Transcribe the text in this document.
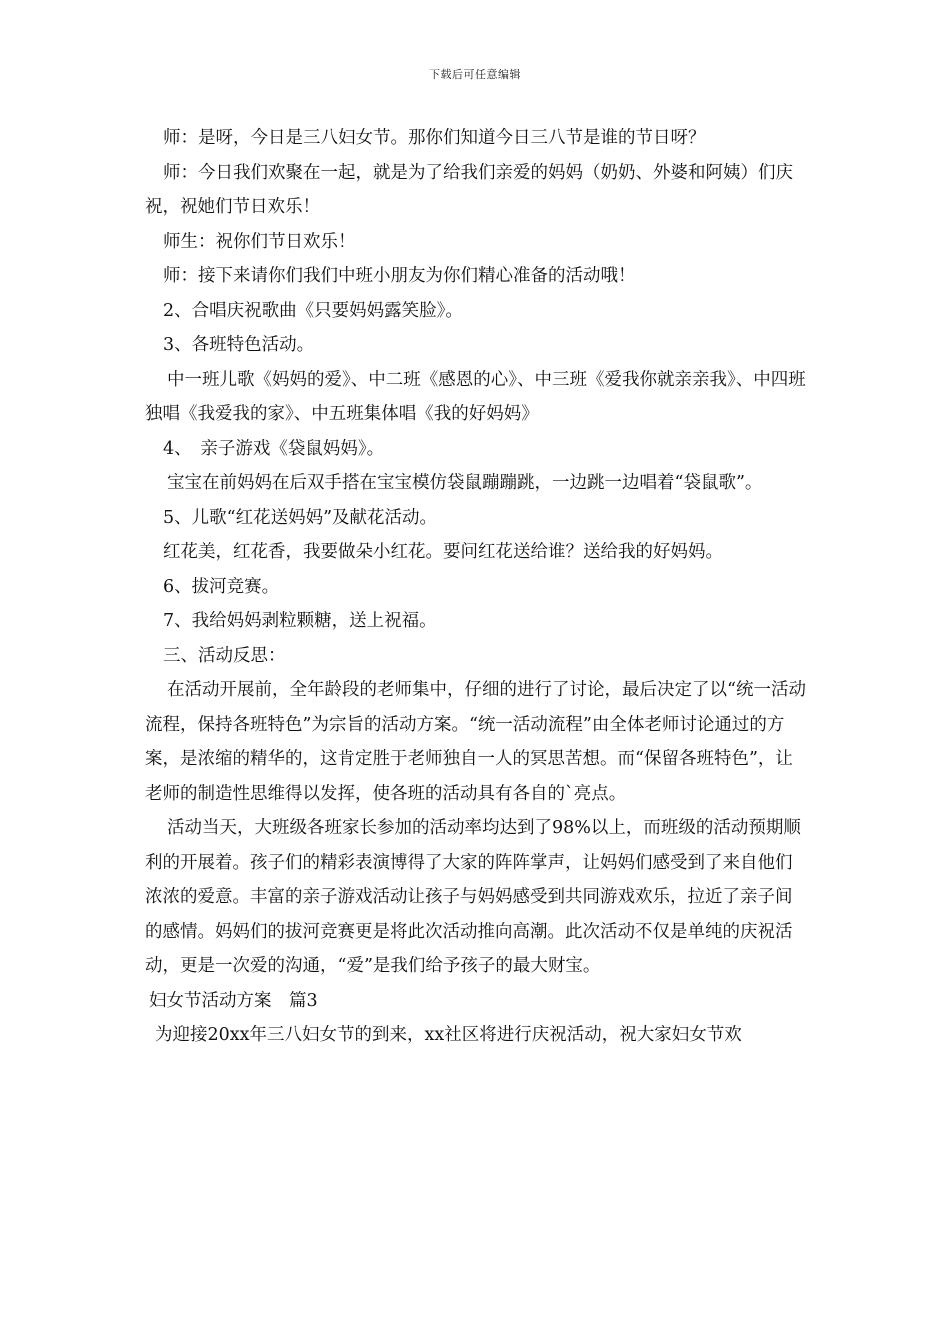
下载后可任意编辑

师：是呀，今日是三八妇女节。那你们知道今日三八节是谁的节日呀？

师：今日我们欢聚在一起，就是为了给我们亲爱的妈妈（奶奶、外婆和阿姨）们庆祝，祝她们节日欢乐！

师生：祝你们节日欢乐！

师：接下来请你们我们中班小朋友为你们精心准备的活动哦！

2、合唱庆祝歌曲《只要妈妈露笑脸》。

3、各班特色活动。

中一班儿歌《妈妈的爱》、中二班《感恩的心》、中三班《爱我你就亲亲我》、中四班独唱《我爱我的家》、中五班集体唱《我的好妈妈》

4、　亲子游戏《袋鼠妈妈》。

宝宝在前妈妈在后双手搭在宝宝模仿袋鼠蹦蹦跳，一边跳一边唱着“袋鼠歌”。

5、儿歌“红花送妈妈”及献花活动。

红花美，红花香，我要做朵小红花。要问红花送给谁？送给我的好妈妈。

6、拔河竞赛。

7、我给妈妈剥粒颗糖，送上祝福。

三、活动反思：

在活动开展前，全年龄段的老师集中，仔细的进行了讨论，最后决定了以“统一活动流程，保持各班特色”为宗旨的活动方案。“统一活动流程”由全体老师讨论通过的方案，是浓缩的精华的，这肯定胜于老师独自一人的冥思苦想。而“保留各班特色”，让老师的制造性思维得以发挥，使各班的活动具有各自的`亮点。

活动当天，大班级各班家长参加的活动率均达到了98%以上，而班级的活动预期顺利的开展着。孩子们的精彩表演博得了大家的阵阵掌声，让妈妈们感受到了来自他们浓浓的爱意。丰富的亲子游戏活动让孩子与妈妈感受到共同游戏欢乐，拉近了亲子间的感情。妈妈们的拔河竞赛更是将此次活动推向高潮。此次活动不仅是单纯的庆祝活动，更是一次爱的沟通，“爱”是我们给予孩子的最大财宝。

妇女节活动方案　篇3

为迎接20xx年三八妇女节的到来，xx社区将进行庆祝活动，祝大家妇女节欢
